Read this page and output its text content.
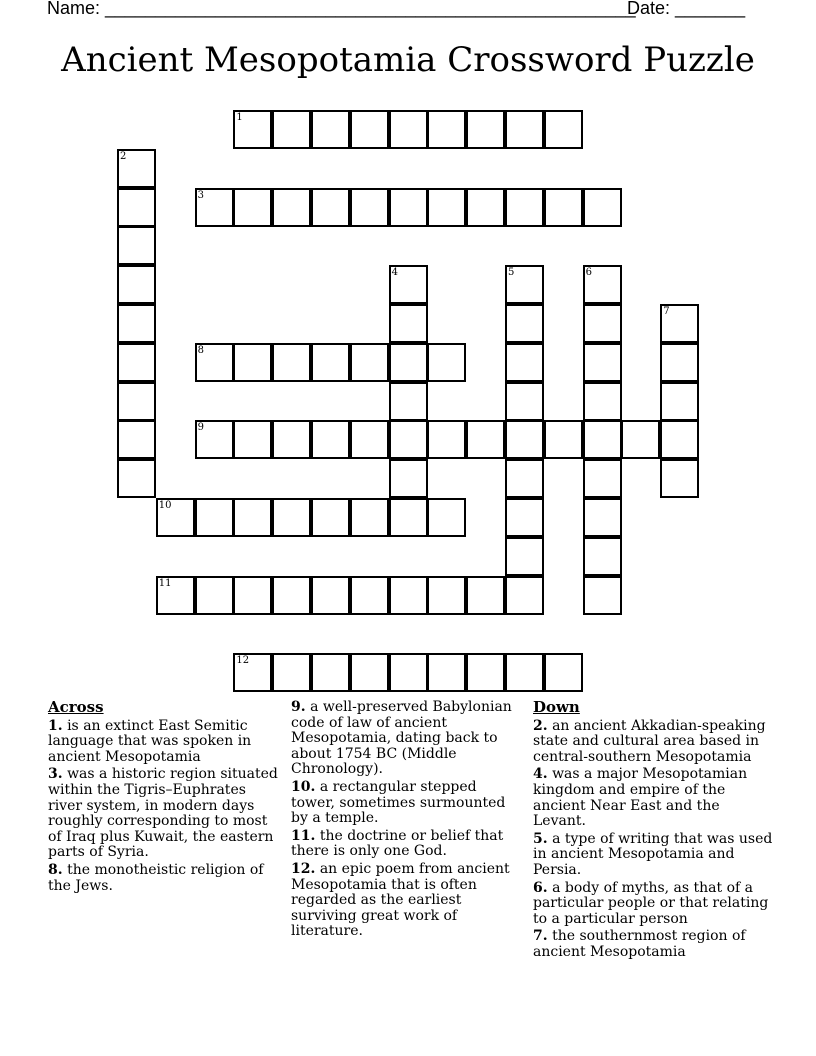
Name: _____________________________________________________
Date: _______
Ancient Mesopotamia Crossword Puzzle
1
2
3
4	5	6
7
8
9
10
11
12
Across
1. is an extinct East Semitic language that was spoken in ancient Mesopotamia
3. was a historic region situated within the Tigris–Euphrates river system, in modern days roughly corresponding to most of Iraq plus Kuwait, the eastern parts of Syria.
8. the monotheistic religion of the Jews.
9. a well-preserved Babylonian code of law of ancient Mesopotamia, dating back to about 1754 BC (Middle Chronology).
10. a rectangular stepped tower, sometimes surmounted by a temple.
11. the doctrine or belief that there is only one God.
12. an epic poem from ancient Mesopotamia that is often regarded as the earliest surviving great work of literature.
Down
2. an ancient Akkadian-speaking state and cultural area based in central-southern Mesopotamia
4. was a major Mesopotamian kingdom and empire of the ancient Near East and the Levant.
5. a type of writing that was used in ancient Mesopotamia and Persia.
6. a body of myths, as that of a particular people or that relating to a particular person
7. the southernmost region of ancient Mesopotamia
